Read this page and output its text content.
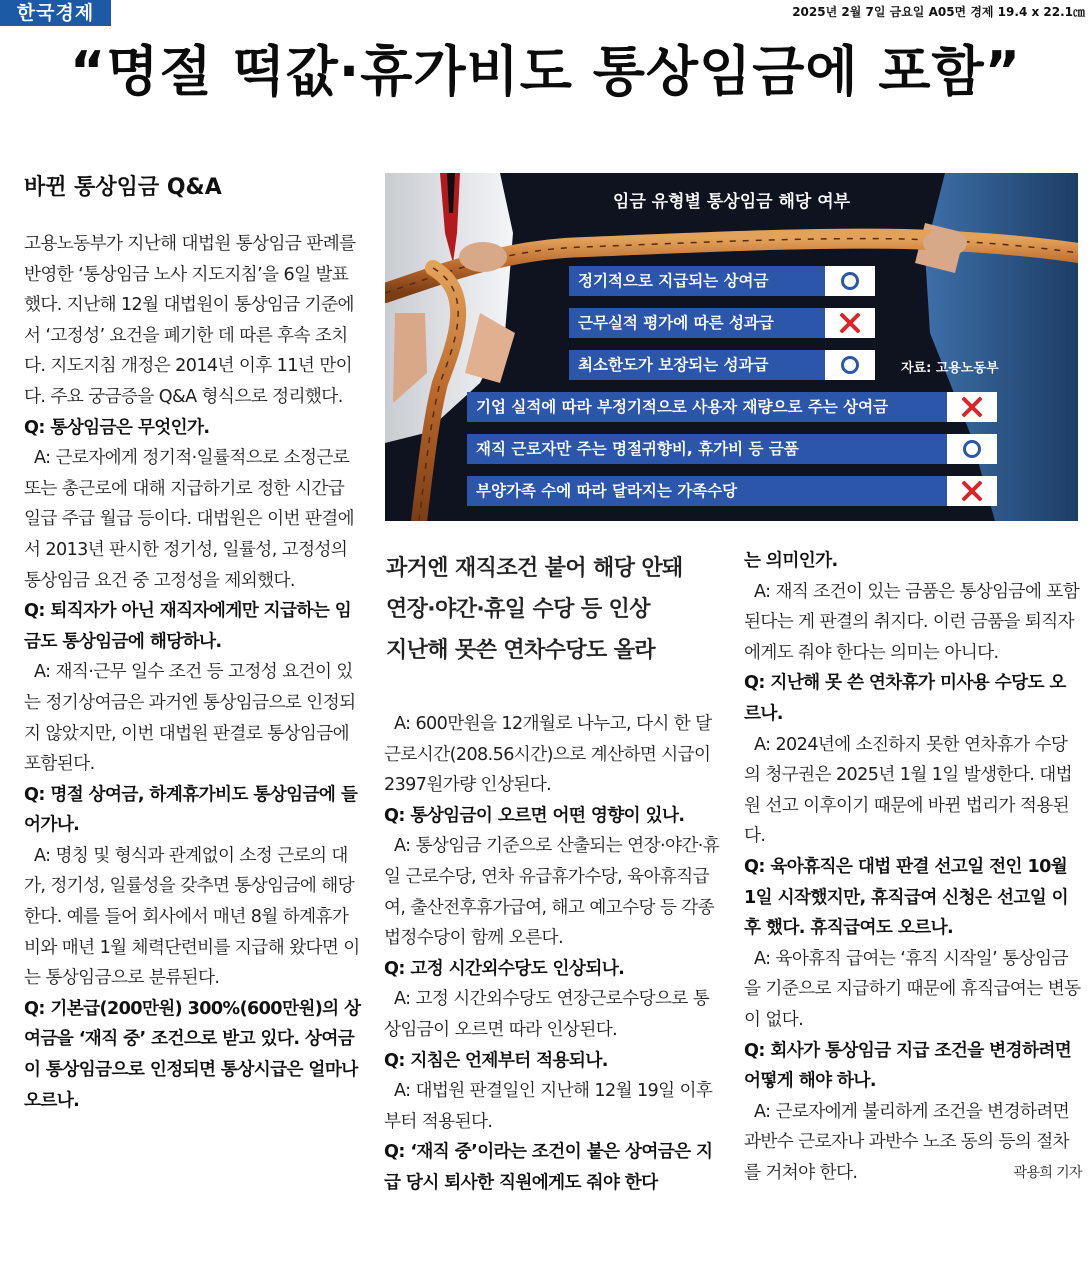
한국경제	2025년 2월 7일 금요일 A05면 경제 19.4 x 22.1㎝
“명절 떡값·휴가비도 통상임금에 포함”
바뀐 통상임금 Q&A
임금 유형별 통상임금 해당 여부
정기적으로 지급되는 상여금
근무실적 평가에 따른 성과급
최소한도가 보장되는 성과급	자료: 고용노동부
기업 실적에 따라 부정기적으로 사용자 재량으로 주는 상여금
재직 근로자만 주는 명절귀향비, 휴가비 등 금품
부양가족 수에 따라 달라지는 가족수당

과거엔 재직조건 붙어 해당 안돼

연장·야간·휴일 수당 등 인상

지난해 못쓴 연차수당도 올라

고용노동부가 지난해 대법원 통상임금 판례를 반영한 ‘통상임금 노사 지도지침’을 6일 발표했다. 지난해 12월 대법원이 통상임금 기준에서 ‘고정성’ 요건을 폐기한 데 따른 후속 조치다. 지도지침 개정은 2014년 이후 11년 만이다. 주요 궁금증을 Q&A 형식으로 정리했다.

Q: 통상임금은 무엇인가.

A: 근로자에게 정기적·일률적으로 소정근로 또는 총근로에 대해 지급하기로 정한 시간급 일급 주급 월급 등이다. 대법원은 이번 판결에서 2013년 판시한 정기성, 일률성, 고정성의 통상임금 요건 중 고정성을 제외했다.

Q: 퇴직자가 아닌 재직자에게만 지급하는 임금도 통상임금에 해당하나.

A: 재직·근무 일수 조건 등 고정성 요건이 있는 정기상여금은 과거엔 통상임금으로 인정되지 않았지만, 이번 대법원 판결로 통상임금에 포함된다.

Q: 명절 상여금, 하계휴가비도 통상임금에 들어가나.

A: 명칭 및 형식과 관계없이 소정 근로의 대가, 정기성, 일률성을 갖추면 통상임금에 해당한다. 예를 들어 회사에서 매년 8월 하계휴가비와 매년 1월 체력단련비를 지급해 왔다면 이는 통상임금으로 분류된다.

Q: 기본급(200만원) 300%(600만원)의 상여금을 ‘재직 중’ 조건으로 받고 있다. 상여금이 통상임금으로 인정되면 통상시급은 얼마나 오르나.

A: 600만원을 12개월로 나누고, 다시 한 달 근로시간(208.56시간)으로 계산하면 시급이 2397원가량 인상된다.

Q: 통상임금이 오르면 어떤 영향이 있나.

A: 통상임금 기준으로 산출되는 연장·야간·휴일 근로수당, 연차 유급휴가수당, 육아휴직급여, 출산전후휴가급여, 해고 예고수당 등 각종 법정수당이 함께 오른다.

Q: 고정 시간외수당도 인상되나.

A: 고정 시간외수당도 연장근로수당으로 통상임금이 오르면 따라 인상된다.

Q: 지침은 언제부터 적용되나.

A: 대법원 판결일인 지난해 12월 19일 이후부터 적용된다.

Q: ‘재직 중’이라는 조건이 붙은 상여금은 지급 당시 퇴사한 직원에게도 줘야 한다

는 의미인가.

A: 재직 조건이 있는 금품은 통상임금에 포함된다는 게 판결의 취지다. 이런 금품을 퇴직자에게도 줘야 한다는 의미는 아니다.

Q: 지난해 못 쓴 연차휴가 미사용 수당도 오르나.

A: 2024년에 소진하지 못한 연차휴가 수당의 청구권은 2025년 1월 1일 발생한다. 대법원 선고 이후이기 때문에 바뀐 법리가 적용된다.

Q: 육아휴직은 대법 판결 선고일 전인 10월 1일 시작했지만, 휴직급여 신청은 선고일 이후 했다. 휴직급여도 오르나.

A: 육아휴직 급여는 ‘휴직 시작일’ 통상임금을 기준으로 지급하기 때문에 휴직급여는 변동이 없다.

Q: 회사가 통상임금 지급 조건을 변경하려면 어떻게 해야 하나.

A: 근로자에게 불리하게 조건을 변경하려면 과반수 근로자나 과반수 노조 동의 등의 절차를 거쳐야 한다.	곽용희 기자
